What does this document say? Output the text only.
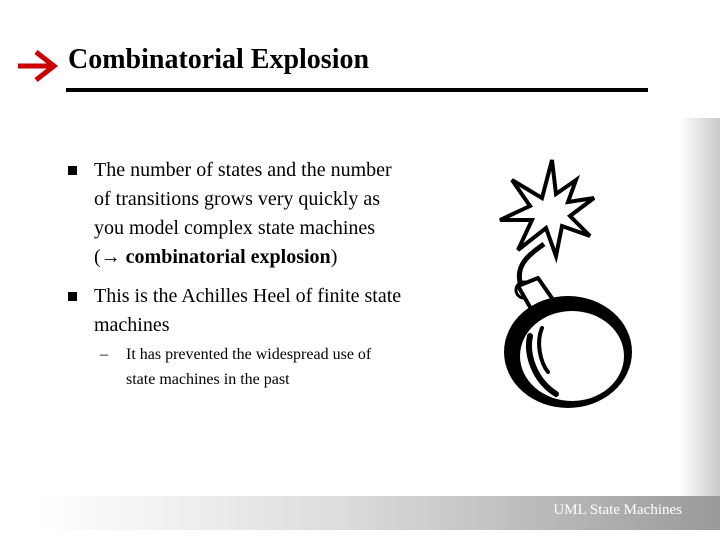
Combinatorial Explosion
The number of states and the number
of transitions grows very quickly as
you model complex state machines
(→ combinatorial explosion)
This is the Achilles Heel of finite state
machines
– It has prevented the widespread use of
state machines in the past
UML State Machines
